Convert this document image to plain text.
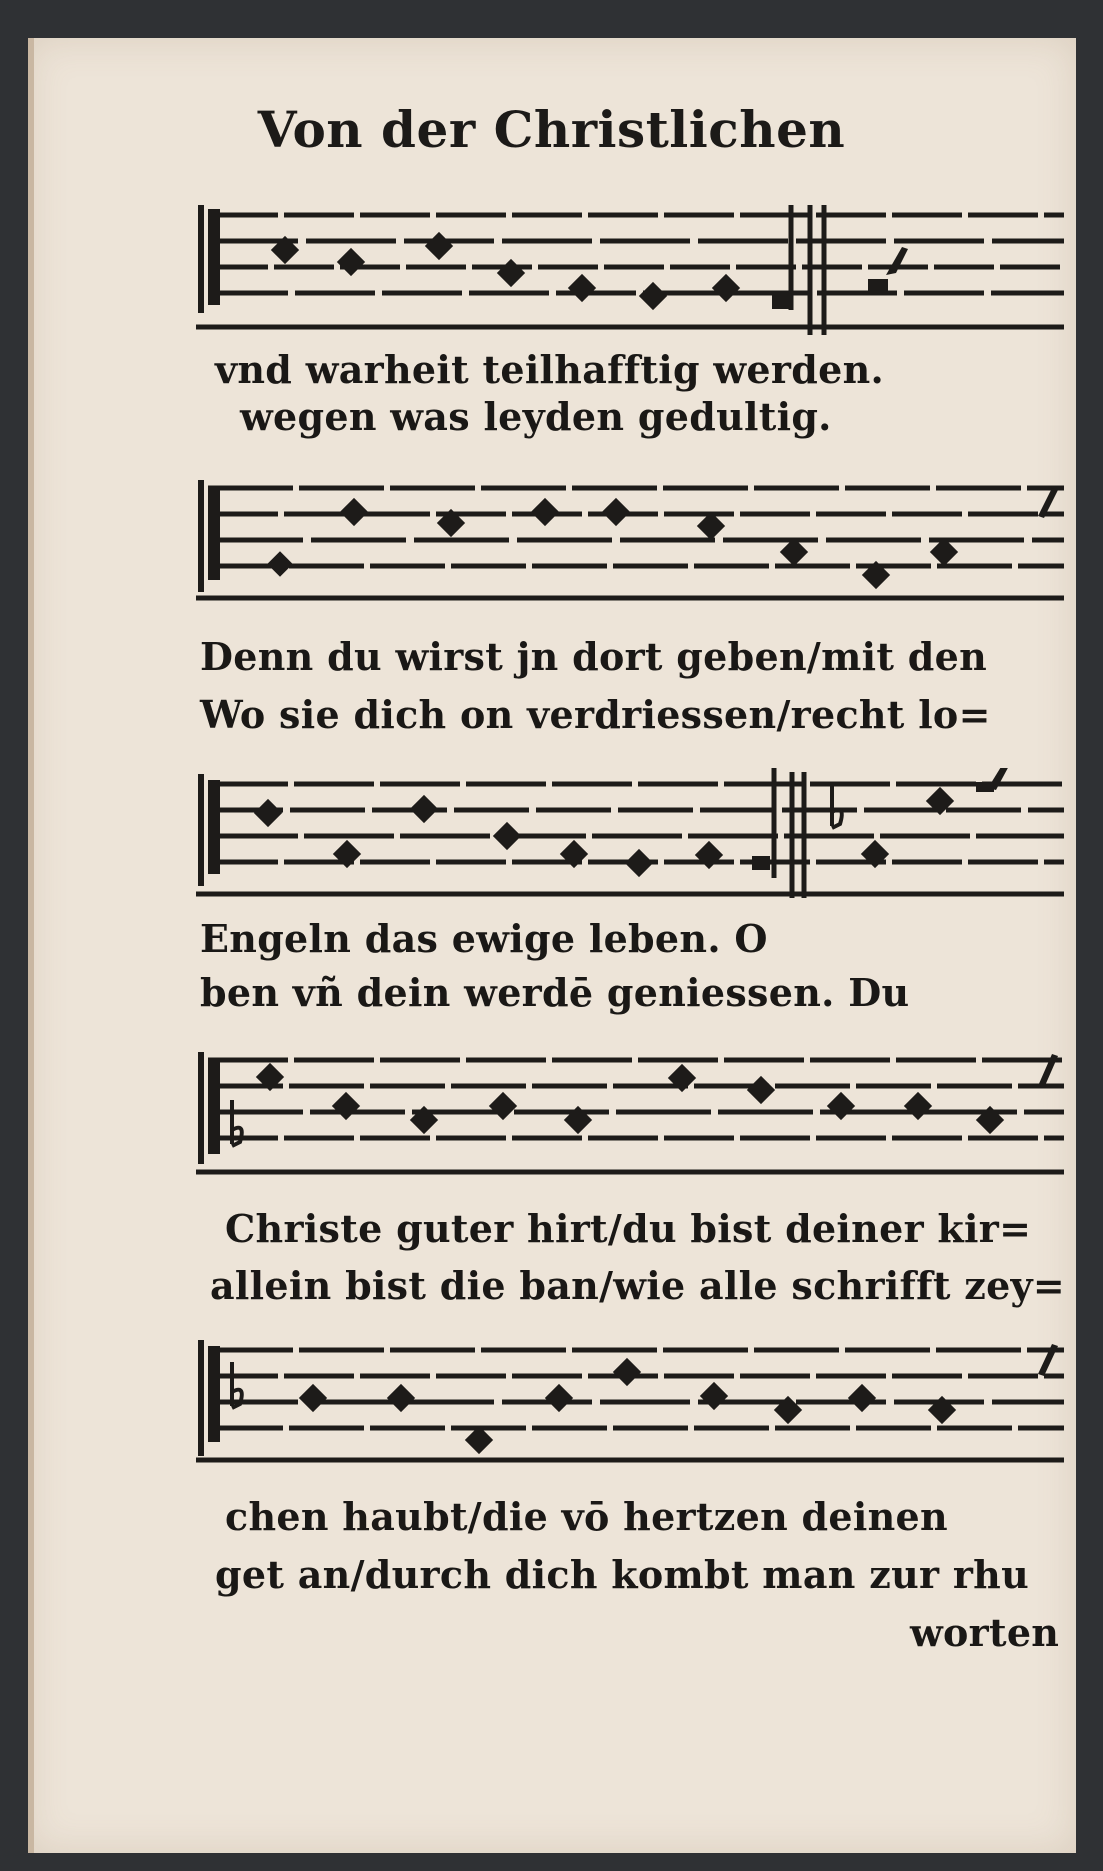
Von der Christlichen
vnd warheit teilhafftig werden.
wegen was leyden gedultig.
Denn du wirst jn dort geben/mit den
Wo sie dich on verdriessen/recht lo=
Engeln das ewige leben. O
ben vñ dein werdē geniessen. Du
Christe guter hirt/du bist deiner kir=
allein bist die ban/wie alle schrifft zey=
chen haubt/die vō hertzen deinen
get an/durch dich kombt man zur rhu
worten
